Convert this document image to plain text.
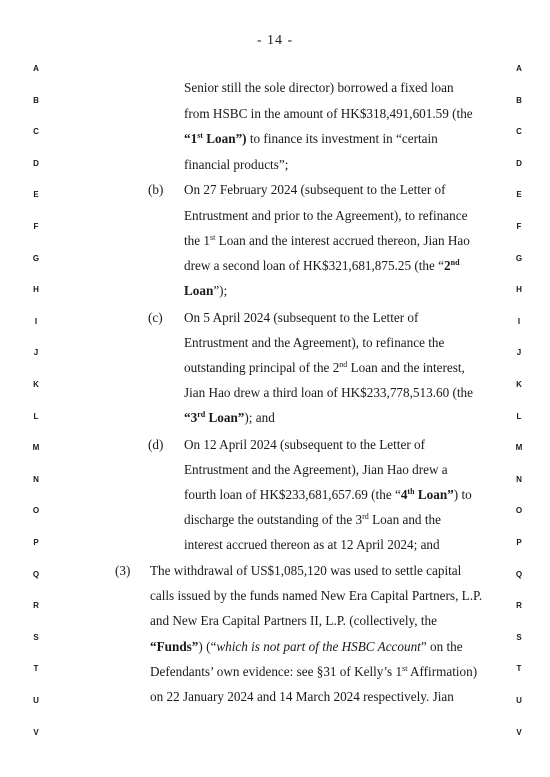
- 14 -
A
B
C
D
E
F
G
H
I
J
K
L
M
N
O
P
Q
R
S
T
U
V
A
B
C
D
E
F
G
H
I
J
K
L
M
N
O
P
Q
R
S
T
U
V
Senior still the sole director) borrowed a fixed loan
from HSBC in the amount of HK$318,491,601.59 (the
“1st Loan”) to finance its investment in “certain
financial products”;
(b) On 27 February 2024 (subsequent to the Letter of
Entrustment and prior to the Agreement), to refinance
the 1st Loan and the interest accrued thereon, Jian Hao
drew a second loan of HK$321,681,875.25 (the “2nd
Loan”);
(c) On 5 April 2024 (subsequent to the Letter of
Entrustment and the Agreement), to refinance the
outstanding principal of the 2nd Loan and the interest,
Jian Hao drew a third loan of HK$233,778,513.60 (the
“3rd Loan”); and
(d) On 12 April 2024 (subsequent to the Letter of
Entrustment and the Agreement), Jian Hao drew a
fourth loan of HK$233,681,657.69 (the “4th Loan”) to
discharge the outstanding of the 3rd Loan and the
interest accrued thereon as at 12 April 2024; and
(3) The withdrawal of US$1,085,120 was used to settle capital
calls issued by the funds named New Era Capital Partners, L.P.
and New Era Capital Partners II, L.P. (collectively, the
“Funds”) (“which is not part of the HSBC Account” on the
Defendants’ own evidence: see §31 of Kelly’s 1st Affirmation)
on 22 January 2024 and 14 March 2024 respectively. Jian
